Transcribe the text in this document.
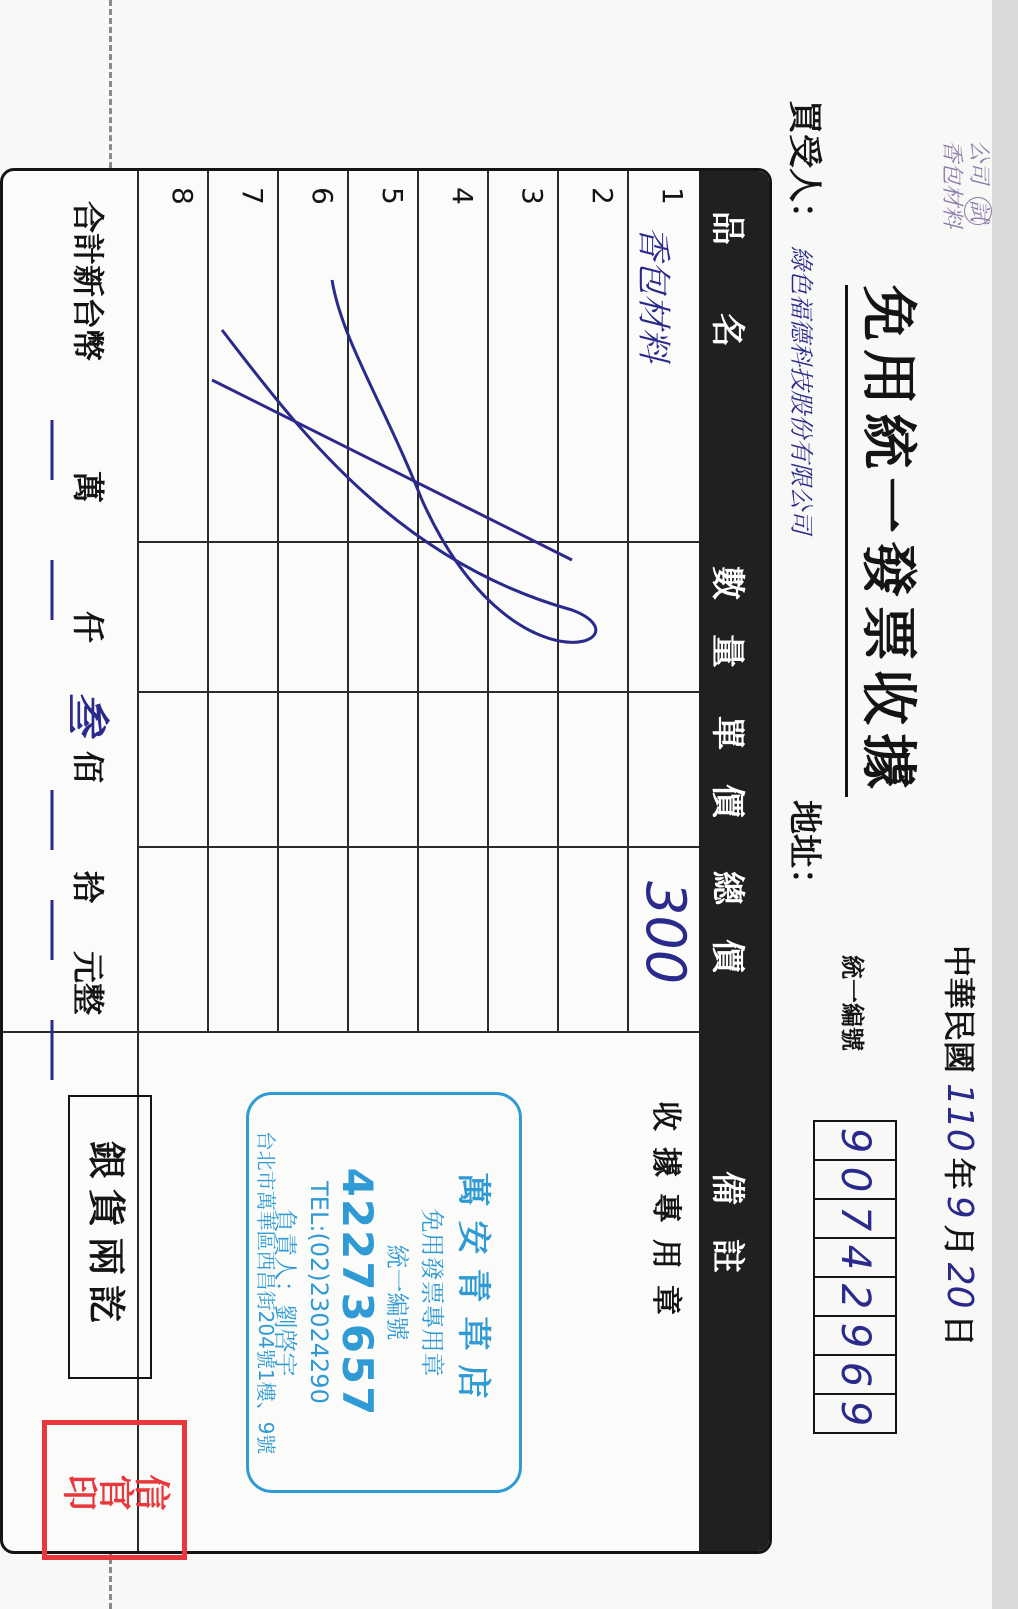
公司 試
香包材料
免用統一發票收據
中華民國
110
年
9
月
20
日
統一編號
9
0
7
4
2
9
6
9
買受人：
綠色福德科技股份有限公司
地址：
品　　名
數　量
單　價
總　價
備　註
收據專用章
1
2
3
4
5
6
7
8
香包材料
300
合計新台幣
萬
仟
叁
佰
拾
元整
萬安青草店
免用發票專用章
統一編號
42273657
TEL:(02)23024290
負責人：劉啓宇
台北市萬華區西昌街204號1樓、9號
銀貨兩訖
信官印
